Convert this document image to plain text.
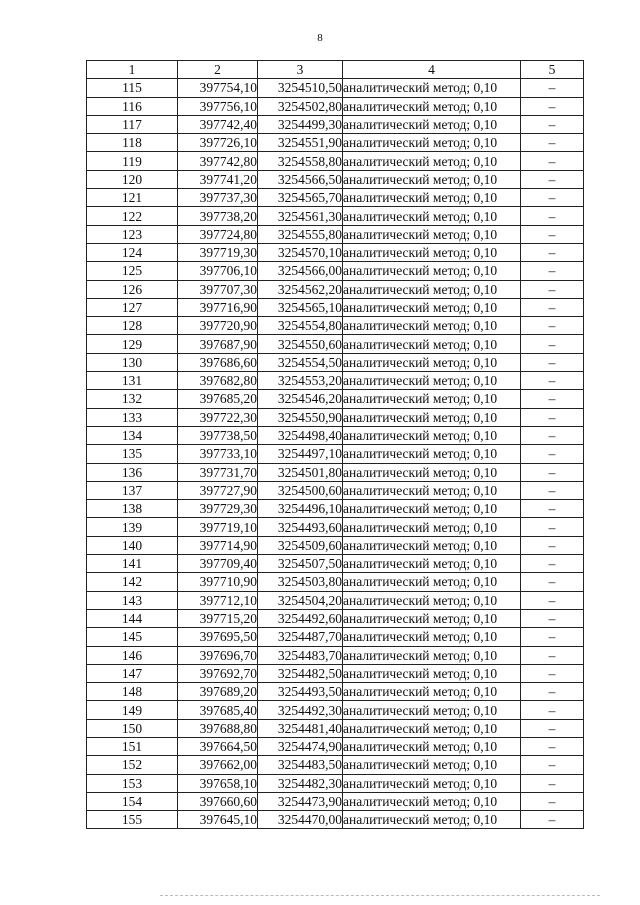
8
1	2	3	4	5
115	397754,10	3254510,50	аналитический метод; 0,10	–
116	397756,10	3254502,80	аналитический метод; 0,10	–
117	397742,40	3254499,30	аналитический метод; 0,10	–
118	397726,10	3254551,90	аналитический метод; 0,10	–
119	397742,80	3254558,80	аналитический метод; 0,10	–
120	397741,20	3254566,50	аналитический метод; 0,10	–
121	397737,30	3254565,70	аналитический метод; 0,10	–
122	397738,20	3254561,30	аналитический метод; 0,10	–
123	397724,80	3254555,80	аналитический метод; 0,10	–
124	397719,30	3254570,10	аналитический метод; 0,10	–
125	397706,10	3254566,00	аналитический метод; 0,10	–
126	397707,30	3254562,20	аналитический метод; 0,10	–
127	397716,90	3254565,10	аналитический метод; 0,10	–
128	397720,90	3254554,80	аналитический метод; 0,10	–
129	397687,90	3254550,60	аналитический метод; 0,10	–
130	397686,60	3254554,50	аналитический метод; 0,10	–
131	397682,80	3254553,20	аналитический метод; 0,10	–
132	397685,20	3254546,20	аналитический метод; 0,10	–
133	397722,30	3254550,90	аналитический метод; 0,10	–
134	397738,50	3254498,40	аналитический метод; 0,10	–
135	397733,10	3254497,10	аналитический метод; 0,10	–
136	397731,70	3254501,80	аналитический метод; 0,10	–
137	397727,90	3254500,60	аналитический метод; 0,10	–
138	397729,30	3254496,10	аналитический метод; 0,10	–
139	397719,10	3254493,60	аналитический метод; 0,10	–
140	397714,90	3254509,60	аналитический метод; 0,10	–
141	397709,40	3254507,50	аналитический метод; 0,10	–
142	397710,90	3254503,80	аналитический метод; 0,10	–
143	397712,10	3254504,20	аналитический метод; 0,10	–
144	397715,20	3254492,60	аналитический метод; 0,10	–
145	397695,50	3254487,70	аналитический метод; 0,10	–
146	397696,70	3254483,70	аналитический метод; 0,10	–
147	397692,70	3254482,50	аналитический метод; 0,10	–
148	397689,20	3254493,50	аналитический метод; 0,10	–
149	397685,40	3254492,30	аналитический метод; 0,10	–
150	397688,80	3254481,40	аналитический метод; 0,10	–
151	397664,50	3254474,90	аналитический метод; 0,10	–
152	397662,00	3254483,50	аналитический метод; 0,10	–
153	397658,10	3254482,30	аналитический метод; 0,10	–
154	397660,60	3254473,90	аналитический метод; 0,10	–
155	397645,10	3254470,00	аналитический метод; 0,10	–
